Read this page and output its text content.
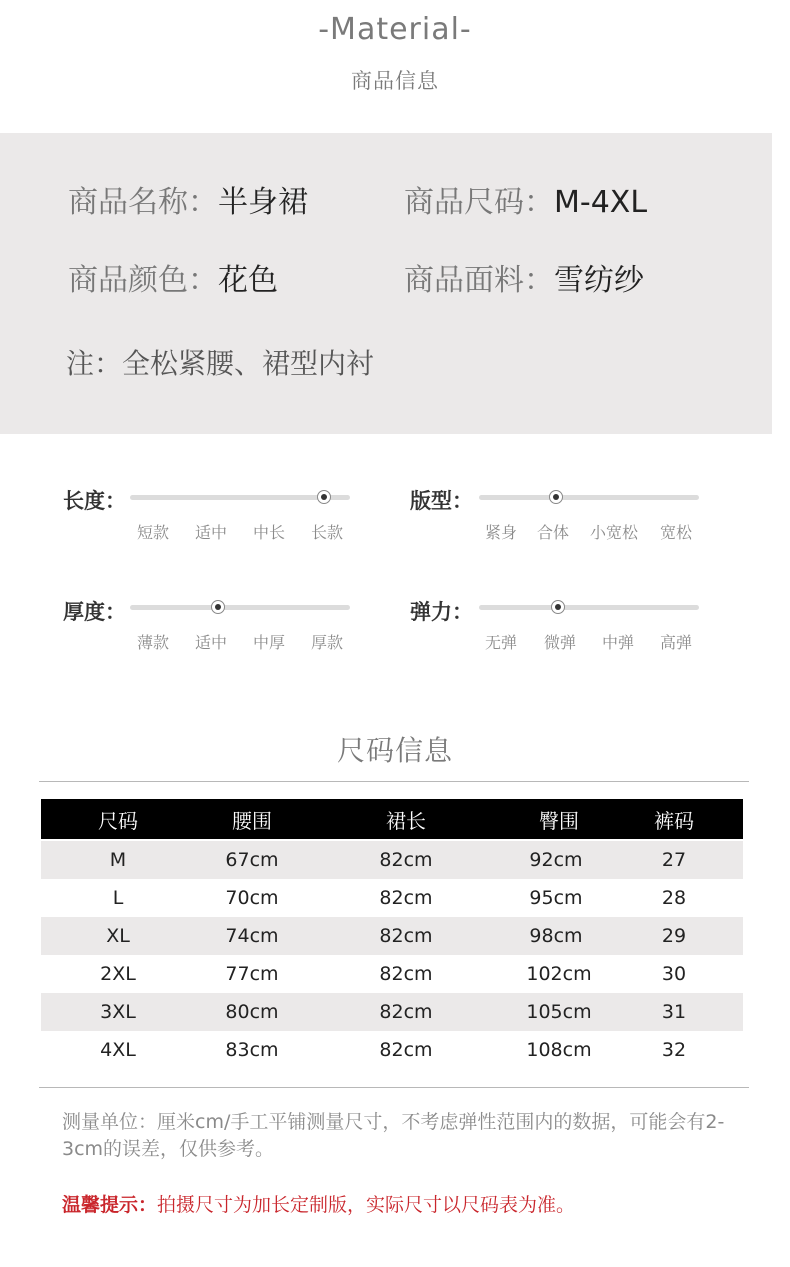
-Material-
商品信息
商品名称：半身裙	商品尺码：M-4XL
商品颜色：花色	商品面料：雪纺纱
注：全松紧腰、裙型内衬
长度：
短款 适中 中长 长款
版型：
紧身 合体 小宽松 宽松
厚度：
薄款 适中 中厚 厚款
弹力：
无弹 微弹 中弹 高弹
尺码信息
尺码	腰围	裙长	臀围	裤码
M	67cm	82cm	92cm	27
L	70cm	82cm	95cm	28
XL	74cm	82cm	98cm	29
2XL	77cm	82cm	102cm	30
3XL	80cm	82cm	105cm	31
4XL	83cm	82cm	108cm	32
测量单位：厘米cm/手工平铺测量尺寸，不考虑弹性范围内的数据，可能会有2-3cm的误差，仅供参考。
温馨提示：拍摄尺寸为加长定制版，实际尺寸以尺码表为准。
